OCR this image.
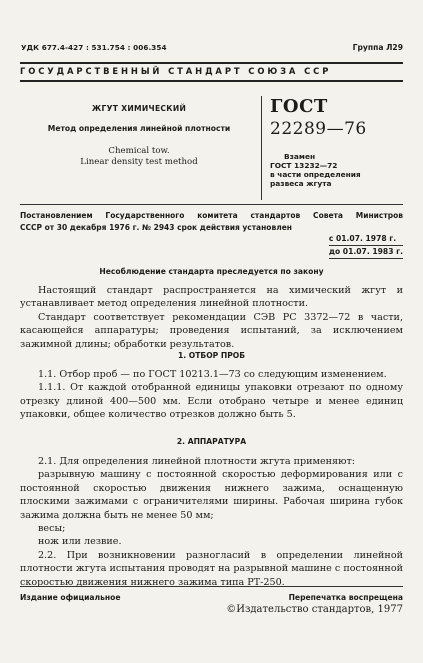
УДК 677.4-427 : 531.754 : 006.354	Группа Л29
ГОСУДАРСТВЕННЫЙ СТАНДАРТ СОЮЗА ССР
ЖГУТ ХИМИЧЕСКИЙ
Метод определения линейной плотности
Chemical tow.
Linear density test method
ГОСТ
22289—76
Взамен
ГОСТ 13232—72
в части определения
развеса жгута
Постановлением Государственного комитета стандартов Совета Министров
СССР от 30 декабря 1976 г. № 2943 срок действия установлен
с 01.07. 1978 г.
до 01.07. 1983 г.
Несоблюдение стандарта преследуется по закону
Настоящий стандарт распространяется на химический жгут и устанавливает метод определения линейной плотности.
Стандарт соответствует рекомендации СЭВ РС 3372—72 в части, касающейся аппаратуры; проведения испытаний, за исключением зажимной длины; обработки результатов.
1. ОТБОР ПРОБ
1.1. Отбор проб — по ГОСТ 10213.1—73 со следующим изменением.
1.1.1. От каждой отобранной единицы упаковки отрезают по одному отрезку длиной 400—500 мм. Если отобрано четыре и менее единиц упаковки, общее количество отрезков должно быть 5.
2. АППАРАТУРА
2.1. Для определения линейной плотности жгута применяют:
разрывную машину с постоянной скоростью деформирования или с постоянной скоростью движения нижнего зажима, оснащенную плоскими зажимами с ограничителями ширины. Рабочая ширина губок зажима должна быть не менее 50 мм;
весы;
нож или лезвие.
2.2. При возникновении разногласий в определении линейной плотности жгута испытания проводят на разрывной машине с постоянной скоростью движения нижнего зажима типа РТ-250.
Издание официальное	Перепечатка воспрещена
©Издательство стандартов, 1977
